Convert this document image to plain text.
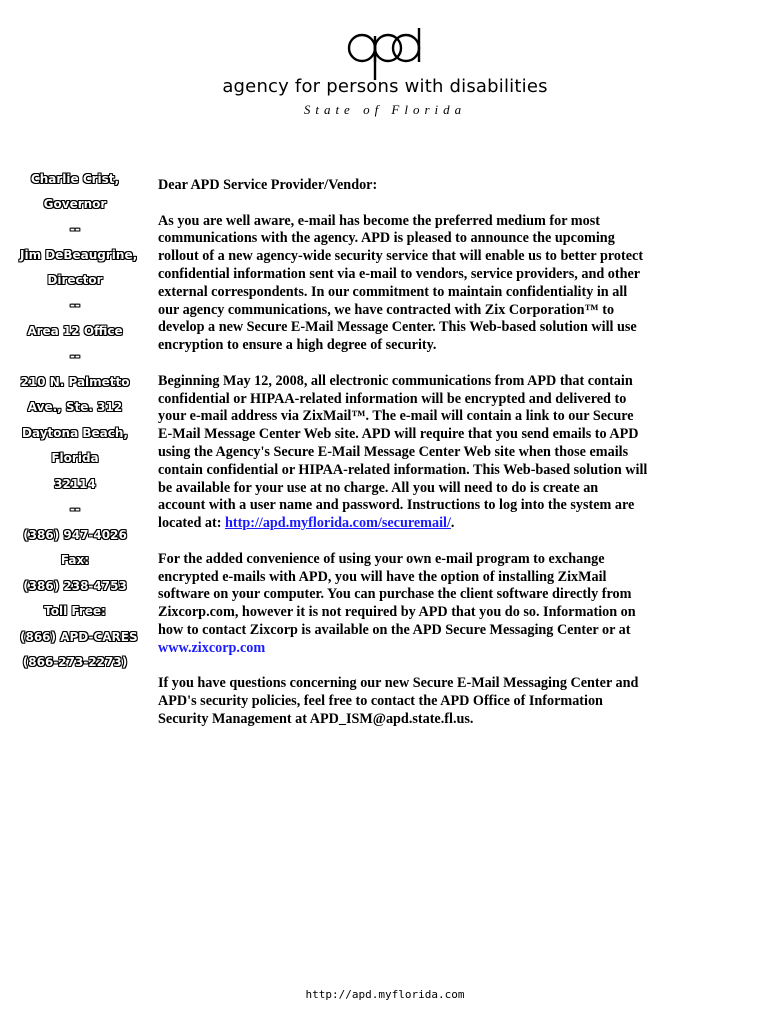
agency for persons with disabilities
State of Florida
Charlie Crist,
Governor
--
Jim DeBeaugrine,
Director
--
Area 12 Office
--
210 N. Palmetto
Ave., Ste. 312
Daytona Beach,
Florida
32114
--
(386) 947-4026
Fax:
(386) 238-4753
Toll Free:
(866) APD-CARES
(866-273-2273)

Dear APD Service Provider/Vendor:

As you are well aware, e-mail has become the preferred medium for most communications with the agency. APD is pleased to announce the upcoming rollout of a new agency-wide security service that will enable us to better protect confidential information sent via e-mail to vendors, service providers, and other external correspondents. In our commitment to maintain confidentiality in all our agency communications, we have contracted with Zix Corporation™ to develop a new Secure E-Mail Message Center. This Web-based solution will use encryption to ensure a high degree of security.

Beginning May 12, 2008, all electronic communications from APD that contain confidential or HIPAA-related information will be encrypted and delivered to your e-mail address via ZixMail™. The e-mail will contain a link to our Secure E-Mail Message Center Web site. APD will require that you send emails to APD using the Agency's Secure E-Mail Message Center Web site when those emails contain confidential or HIPAA-related information. This Web-based solution will be available for your use at no charge. All you will need to do is create an account with a user name and password. Instructions to log into the system are located at: http://apd.myflorida.com/securemail/.

For the added convenience of using your own e-mail program to exchange encrypted e-mails with APD, you will have the option of installing ZixMail software on your computer. You can purchase the client software directly from Zixcorp.com, however it is not required by APD that you do so. Information on how to contact Zixcorp is available on the APD Secure Messaging Center or at www.zixcorp.com

If you have questions concerning our new Secure E-Mail Messaging Center and APD's security policies, feel free to contact the APD Office of Information Security Management at APD_ISM@apd.state.fl.us.

http://apd.myflorida.com
